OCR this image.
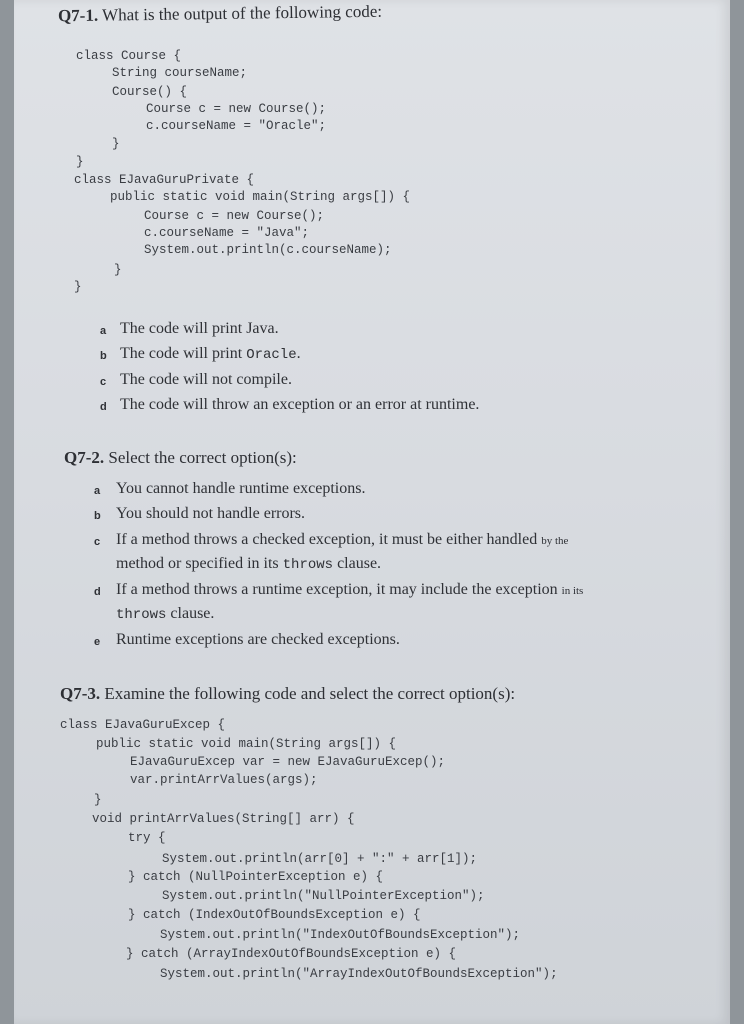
Q7-1. What is the output of the following code:
class Course {
String courseName;
Course() {
Course c = new Course();
c.courseName = "Oracle";
}
}
class EJavaGuruPrivate {
public static void main(String args[]) {
Course c = new Course();
c.courseName = "Java";
System.out.println(c.courseName);
}
}
a The code will print Java.
b The code will print Oracle.
c The code will not compile.
d The code will throw an exception or an error at runtime.
Q7-2. Select the correct option(s):
a You cannot handle runtime exceptions.
b You should not handle errors.
c If a method throws a checked exception, it must be either handled by the
method or specified in its throws clause.
d If a method throws a runtime exception, it may include the exception in its
throws clause.
e Runtime exceptions are checked exceptions.
Q7-3. Examine the following code and select the correct option(s):
class EJavaGuruExcep {
public static void main(String args[]) {
EJavaGuruExcep var = new EJavaGuruExcep();
var.printArrValues(args);
}
void printArrValues(String[] arr) {
try {
System.out.println(arr[0] + ":" + arr[1]);
} catch (NullPointerException e) {
System.out.println("NullPointerException");
} catch (IndexOutOfBoundsException e) {
System.out.println("IndexOutOfBoundsException");
} catch (ArrayIndexOutOfBoundsException e) {
System.out.println("ArrayIndexOutOfBoundsException");
